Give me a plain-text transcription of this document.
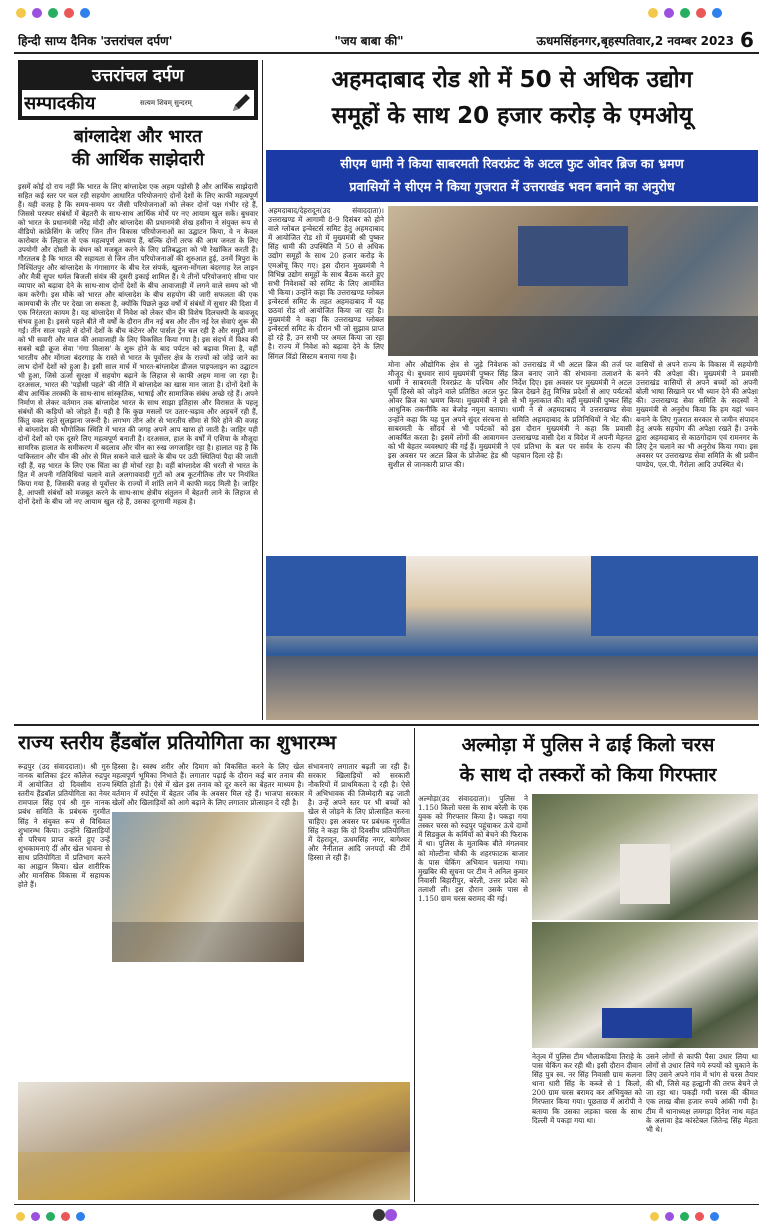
हिन्दी साप्य दैनिक 'उत्तरांचल दर्पण'	"जय बाबा की"	ऊधमसिंहनगर,बृहस्पतिवार,2 नवम्बर 2023 6
उत्तरांचल दर्पण
सम्पादकीय	सत्यम शिवम् सुन्दरम्
बांग्लादेश और भारत
की आर्थिक साझेदारी
इसमें कोई दो राय नहीं कि भारत के लिए बांग्लादेश एक अहम पड़ोसी है और आर्थिक साझेदारी सहित कई स्तर पर चल रही सहयोग आधारित परियोजनाएं दोनों देशों के लिए काफी महत्वपूर्ण हैं। यही वजह है कि समय-समय पर जैसी परियोजनाओं को लेकर दोनों पक्ष गंभीर रहे हैं, जिससे परस्पर संबंधों में बेहतरी के साथ-साथ आर्थिक मोर्चे पर नए आयाम खुल सकें। बुधवार को भारत के प्रधानमंत्री नरेंद्र मोदी और बांग्लादेश की प्रधानमंत्री शेख हसीना ने संयुक्त रूप से वीडियो कांफ्रेंसिंग के जरिए जिन तीन विकास परियोजनाओं का उद्घाटन किया, वे न केवल कारोबार के लिहाज से एक महत्वपूर्ण अध्याय हैं, बल्कि दोनों तरफ की आम जनता के लिए उपयोगी और दोस्ती के बंधन को मजबूत करने के लिए प्रतिबद्धता को भी रेखांकित करती हैं। गौरतलब है कि भारत की सहायता से जिन तीन परियोजनाओं की शुरुआत हुई, उनमें त्रिपुरा के निश्चिंतपुर और बांग्लादेश के गंगासागर के बीच रेल संपर्क, खुलना-मोंगला बंदरगाह रेल लाइन और मैत्री सुपर थर्मल बिजली संयंत्र की दूसरी इकाई शामिल हैं। ये तीनों परियोजनाएं सीमा पार व्यापार को बढ़ावा देने के साथ-साथ दोनों देशों के बीच आवाजाही में लगने वाले समय को भी कम करेंगी। इस मौके को भारत और बांग्लादेश के बीच सहयोग की जारी सफलता की एक कामयाबी के तौर पर देखा जा सकता है, क्योंकि पिछले कुछ वर्षों में संबंधों में सुधार की दिशा में एक निरंतरता कायम है। यह बांग्लादेश में निवेश को लेकर चीन की विशेष दिलचस्पी के बावजूद संभव हुआ है। इससे पहले बीते नौ वर्षों के दौरान तीन नई बस और तीन नई रेल सेवाएं शुरू की गईं। तीन साल पहले से दोनों देशों के बीच कंटेनर और पार्सल ट्रेन चल रही है और समुद्री मार्ग को भी सवारी और माल की आवाजाही के लिए विकसित किया गया है। इस संदर्भ में विश्व की सबसे बड़ी क्रूज सेवा 'गंगा विलास' के शुरू होने के बाद पर्यटन को बढ़ावा मिला है, वहीं भारतीय और मोंगला बंदरगाह के रास्ते से भारत के पूर्वोत्तर क्षेत्र के राज्यों को जोड़े जाने का लाभ दोनों देशों को हुआ है। इसी साल मार्च में भारत-बांग्लादेश डीजल पाइपलाइन का उद्घाटन भी हुआ, जिसे ऊर्जा सुरक्षा में सहयोग बढ़ाने के लिहाज से काफी अहम माना जा रहा है। दरअसल, भारत की 'पड़ोसी पहले' की नीति में बांग्लादेश का खास मान जाता है। दोनों देशों के बीच आर्थिक तरक्की के साथ-साथ सांस्कृतिक, भाषाई और सामाजिक संबंध अच्छे रहे हैं। अपने निर्माण से लेकर वर्तमान तक बांग्लादेश भारत के साथ साझा इतिहास और विरासत के पहलू संबंधों की कड़ियों को जोड़ते हैं। यही है कि कुछ मसलों पर उतार-चढ़ाव और अड़चनें रही हैं, किंतु वक्त रहते सुलझाना जरूरी है। लगभग तीन ओर से भारतीय सीमा से घिरे होने की वजह से बांग्लादेश की भौगोलिक स्थिति में भारत की जगह अपने आप खास हो जाती है। जाहिर यही दोनों देशों को एक दूसरे लिए महत्वपूर्ण बनाती है। दरअसल, हाल के वर्षों में एशिया के मौजूदा सामरिक हालात के समीकरण में बदलाव और चीन का रुख जगजाहिर रहा है। हालात यह है कि पाकिस्तान और चीन की ओर से मिल सकने वाले खतरे के बीच पर उठी स्थितियां पैदा की जाती रही हैं, वह भारत के लिए एक चिंता का ही मोर्चा रहा है। वहीं बांग्लादेश की धरती से भारत के हित में अपनी गतिविधियां चलाने वाले अलगाववादी गुटों को अब कूटनीतिक तौर पर नियंत्रित किया गया है, जिसकी वजह से पूर्वोत्तर के राज्यों में शांति लाने में काफी मदद मिली है। जाहिर है, आपसी संबंधों को मजबूत करने के साथ-साथ क्षेत्रीय संतुलन में बेहतरी लाने के लिहाज से दोनों देशों के बीच जो नए आयाम खुल रहे हैं, उसका दूरगामी महत्व है।
अहमदाबाद रोड शो में 50 से अधिक उद्योग
समूहों के साथ 20 हजार करोड़ के एमओयू
सीएम धामी ने किया साबरमती रिवरफ्रंट के अटल फुट ओवर ब्रिज का भ्रमण
प्रवासियों ने सीएम ने किया गुजरात में उत्तराखंड भवन बनाने का अनुरोध
अहमदाबाद/देहरादून(उद संवाददाता)। उत्तराखण्ड में आगामी 8-9 दिसंबर को होने वाले ग्लोबल इन्वेस्टर्स समिट हेतु अहमदाबाद में आयोजित रोड शो में मुख्यमंत्री श्री पुष्कर सिंह धामी की उपस्थिति में 50 से अधिक उद्योग समूहों के साथ 20 हजार करोड़ के एमओयू किए गए। इस दौरान मुख्यमंत्री ने विभिन्न उद्योग समूहों के साथ बैठक करते हुए सभी निवेशकों को समिट के लिए आमंत्रित भी किया। उन्होंने कहा कि उत्तराखण्ड ग्लोबल इन्वेस्टर्स समिट के तहत अहमदाबाद में यह छठवां रोड शो आयोजित किया जा रहा है। मुख्यमंत्री ने कहा कि उत्तराखण्ड ग्लोबल इन्वेस्टर्स समिट के दौरान भी जो सुझाव प्राप्त हो रहे हैं, उन सभी पर अमल किया जा रहा है। राज्य में निवेश को बढ़ावा देने के लिए सिंगल विंडो सिस्टम बनाया गया है।
मोना और औद्योगिक क्षेत्र से जुड़े निवेशक मौजूद थे। बुधवार सायं मुख्यमंत्री पुष्कर सिंह धामी ने साबरमती रिवरफ्रंट के पश्चिम और पूर्वी हिस्से को जोड़ने वाले प्रतिष्ठित अटल फुट ओवर ब्रिज का भ्रमण किया। मुख्यमंत्री ने इसे आधुनिक तकनीकि का बेजोड़ नमूना बताया। उन्होंने कहा कि यह पुल अपने सुंदर संरचना से साबरमती के सौंदर्य से भी पर्यटकों को आकर्षित करता है। इसमें लोगों की आवागमन को भी बेहतर व्यवस्थाएं की गई हैं। मुख्यमंत्री ने इस अवसर पर अटल ब्रिज के प्रोजेक्ट हेड श्री सुशील से जानकारी प्राप्त की।
को उत्तराखंड में भी अटल ब्रिज की तर्ज पर ब्रिज बनाए जाने की संभावना तलाशने के निर्देश दिए। इस अवसर पर मुख्यमंत्री ने अटल ब्रिज देखने हेतु विभिन्न प्रदेशों से आए पर्यटकों से भी मुलाकात की। वहीं मुख्यमंत्री पुष्कर सिंह धामी ने से अहमदाबाद में उत्तराखण्ड सेवा समिति अहमदाबाद के प्रतिनिधियों ने भेंट की। इस दौरान मुख्यमंत्री ने कहा कि प्रवासी उत्तराखण्ड वासी देश व विदेश में अपनी मेहनत एवं प्रतिभा के बल पर सर्वत्र के राज्य की पहचान दिला रहे हैं।
वासियों से अपने राज्य के विकास में सहयोगी बनने की अपेक्षा की। मुख्यमंत्री ने प्रवासी उत्तराखंड वासियों से अपने बच्चों को अपनी बोली भाषा सिखाने पर भी ध्यान देने की अपेक्षा की। उत्तराखण्ड सेवा समिति के सदस्यों ने मुख्यमंत्री से अनुरोध किया कि हम यहां भवन बनाने के लिए गुजरात सरकार से जमीन संपादन हेतु अपके सहयोग की अपेक्षा रखते हैं। उनके द्वारा अहमदाबाद से काठगोदाम एवं रामनगर के लिए ट्रेन चलाने का भी अनुरोध किया गया। इस अवसर पर उत्तराखण्ड सेवा समिति के श्री प्रवीन पाण्डेय, एल.पी. गैरोला आदि उपस्थित थे।
राज्य स्तरीय हैंडबॉल प्रतियोगिता का शुभारम्भ
रूद्रपुर (उद संवाददाता)। श्री गुरु नानक बालिका इंटर कॉलेज रुद्रपुर में आयोजित दो दिवसीय राज्य स्तरीय हैंडबॉल प्रतियोगिता का नेयर रामपाल सिंह एवं श्री गुरु नानक प्रबंध समिति के प्रबंधक गुरमीत सिंह ने संयुक्त रूप से विधिवत शुभारम्भ किया। उन्होंने खिलाड़ियों से परिचय प्राप्त करते हुए उन्हें शुभकामनाएं दीं और खेल भावना से साथ प्रतियोगिता में प्रतिभाग करने का आह्वान किया। खेल शारीरिक और मानसिक विकास में सहायक होते हैं।
हिस्सा है। स्वस्थ शरीर और दिमाग को विकसित करने के लिए खेल महत्वपूर्ण भूमिका निभाते हैं। लगातार पढ़ाई के दौरान कई बार तनाव की स्थिति होती है। ऐसे में खेल इस तनाव को दूर करने का बेहतर माध्यम है। वर्तमान में स्पोर्ट्स में बेहतर जॉब के अवसर मिल रहे हैं। भाजपा सरकार खेलों और खिलाड़ियों को आगे बढ़ाने के लिए लगातार प्रोत्साहन दे रही है।
संभावनाएं लगातार बढ़ती जा रही हैं। सरकार खिलाड़ियों को सरकारी नौकरियों में प्राथमिकता दे रही है। ऐसे में अभिभावक की जिम्मेदारी बढ़ जाती है। उन्हें अपने स्तर पर भी बच्चों को खेल से जोड़ने के लिए प्रोत्साहित करना चाहिए। इस अवसर पर प्रबंधक गुरमीत सिंह ने कहा कि दो दिवसीय प्रतियोगिता में देहरादून, ऊधमसिंह नगर, बागेश्वर और नैनीताल आदि जनपदों की टीमें हिस्सा ले रही हैं।
अल्मोड़ा में पुलिस ने ढाई किलो चरस
के साथ दो तस्करों को किया गिरफ्तार
अल्मोड़ा(उद संवाददाता)। पुलिस ने 1.150 किलो चरस के साथ बरेली के एक युवक को गिरफ्तार किया है। पकड़ा गया तस्कर चरस को रुद्रपुर पहुंचाकर ऊंचे दामों में सिडकुल के कर्मियों को बेचने की फिराक में था। पुलिस के मुताबिक बीते मंगलवार को मोल्टीना चौकी के शहरफाटक बाजार के पास चेकिंग अभियान चलाया गया। मुखबिर की सूचना पर टीम ने अनिल कुमार निवासी बिहारीपुर, बरेली, उत्तर प्रदेश को तलाशी ली। इस दौरान उसके पास से 1.150 ग्राम चरस बरामद की गई।
नेतृत्व में पुलिस टीम भौलाकडिया तिराहे के पास चेकिंग कर रही थी। इसी दौरान दीवान सिंह पुत्र स्व. नर सिंह निवासी ग्राम कलना थाना धारी सिंह के कब्जे से 1 किलो, 200 ग्राम चरस बरामद कर अभियुक्त को गिरफ्तार किया गया। पूछताछ में आरोपी ने बताया कि उसका लड़का चरस के साथ दिल्ली में पकड़ा गया था।
उसने लोगों से काफी पैसा उधार लिया था लोगों से उधार लिये गये रुपयों को चुकाने के लिए उसने अपने गांव में भांग से चरस तैयार की थी, जिसे वह हल्द्वानी की तरफ बेचने ले जा रहा था। पकड़ी गयी चरस की कीमत एक लाख बीस हजार रुपये आंकी गयी है। टीम में थानाध्यक्ष लमगड़ा दिनेश नाथ महंत के अलावा हेड कांस्टेबल जितेन्द्र सिंह मेहता भी थे।
